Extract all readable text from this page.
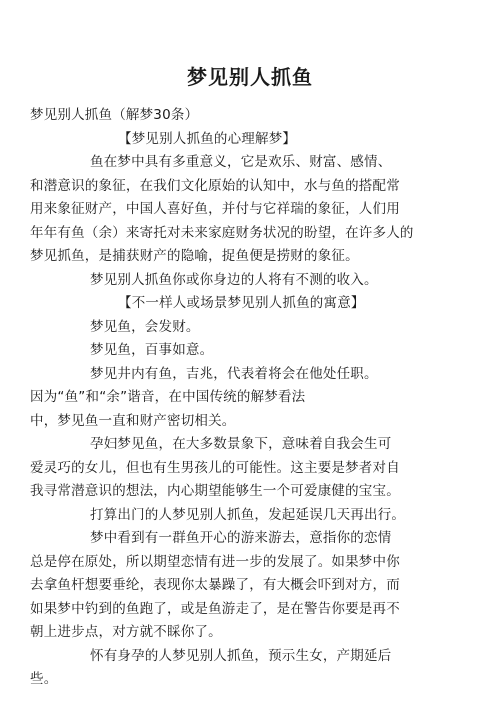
梦见别人抓鱼
梦见别人抓鱼（解梦30条）
【梦见别人抓鱼的心理解梦】
鱼在梦中具有多重意义，它是欢乐、财富、感情、
和潜意识的象征，在我们文化原始的认知中，水与鱼的搭配常
用来象征财产，中国人喜好鱼，并付与它祥瑞的象征，人们用
年年有鱼（余）来寄托对未来家庭财务状况的盼望，在许多人的
梦见抓鱼，是捕获财产的隐喻，捉鱼便是捞财的象征。
梦见别人抓鱼你或你身边的人将有不测的收入。
【不一样人或场景梦见别人抓鱼的寓意】
梦见鱼，会发财。
梦见鱼，百事如意。
梦见井内有鱼，吉兆，代表着将会在他处任职。
因为“鱼”和“余”谐音，在中国传统的解梦看法
中，梦见鱼一直和财产密切相关。
孕妇梦见鱼，在大多数景象下，意味着自我会生可
爱灵巧的女儿，但也有生男孩儿的可能性。这主要是梦者对自
我寻常潜意识的想法，内心期望能够生一个可爱康健的宝宝。
打算出门的人梦见别人抓鱼，发起延误几天再出行。
梦中看到有一群鱼开心的游来游去，意指你的恋情
总是停在原处，所以期望恋情有进一步的发展了。如果梦中你
去拿鱼杆想要垂纶，表现你太暴躁了，有大概会吓到对方，而
如果梦中钓到的鱼跑了，或是鱼游走了，是在警告你要是再不
朝上进步点，对方就不睬你了。
怀有身孕的人梦见别人抓鱼，预示生女，产期延后
些。
